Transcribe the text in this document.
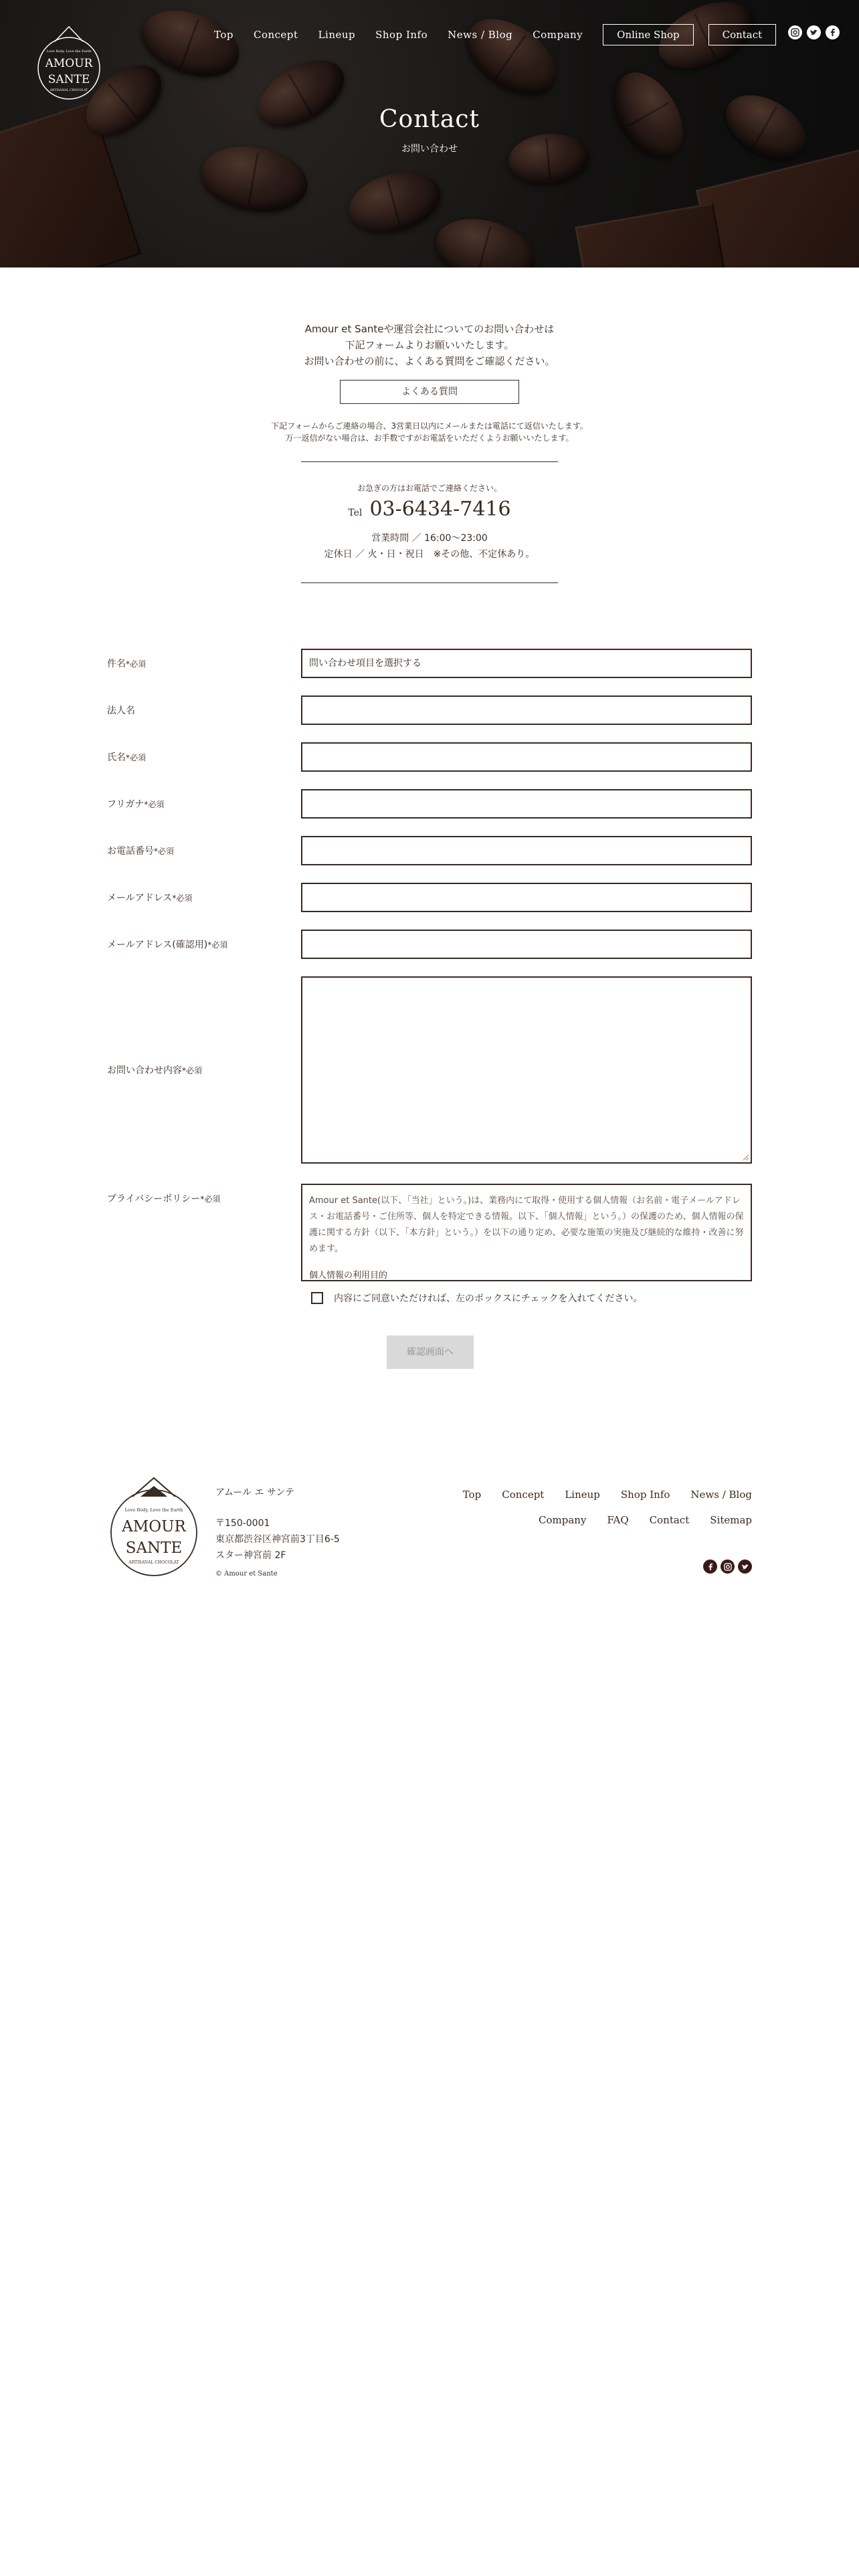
Love Body, Love the Earth
AMOUR
SANTE
ARTISANAL CHOCOLAT
Top Concept Lineup Shop Info News / Blog Company	Online Shop	Contact
Contact
お問い合わせ

Amour et Santeや運営会社についてのお問い合わせは

下記フォームよりお願いいたします。

お問い合わせの前に、よくある質問をご確認ください。

よくある質問
下記フォームからご連絡の場合、3営業日以内にメールまたは電話にて返信いたします。
万一返信がない場合は、お手数ですがお電話をいただくようお願いいたします。
お急ぎの方はお電話でご連絡ください。
Tel 03-6434-7416
営業時間 ／ 16:00〜23:00
定休日 ／ 火・日・祝日　※その他、不定休あり。
件名*必須	問い合わせ項目を選択する
法人名
氏名*必須
フリガナ*必須
お電話番号*必須
メールアドレス*必須
メールアドレス(確認用)*必須
お問い合わせ内容*必須
プライバシーポリシー*必須	Amour et Sante(以下、「当社」という。)は、業務内にて取得・使用する個人情報（お名前・電子メールアドレス・お電話番号・ご住所等、個人を特定できる情報。以下、「個人情報」という。）の保護のため、個人情報の保護に関する方針（以下、「本方針」という。）を以下の通り定め、必要な施策の実施及び継続的な維持・改善に努めます。
個人情報の利用目的
内容にご同意いただければ、左のボックスにチェックを入れてください。
確認画面へ
Love Body, Love the Earth
AMOUR
SANTE
ARTISANAL CHOCOLAT
アムール エ サンテ
〒150-0001
東京都渋谷区神宮前3丁目6-5
スター神宮前 2F
© Amour et Sante
Top Concept Lineup Shop Info News / Blog
Company FAQ Contact Sitemap
